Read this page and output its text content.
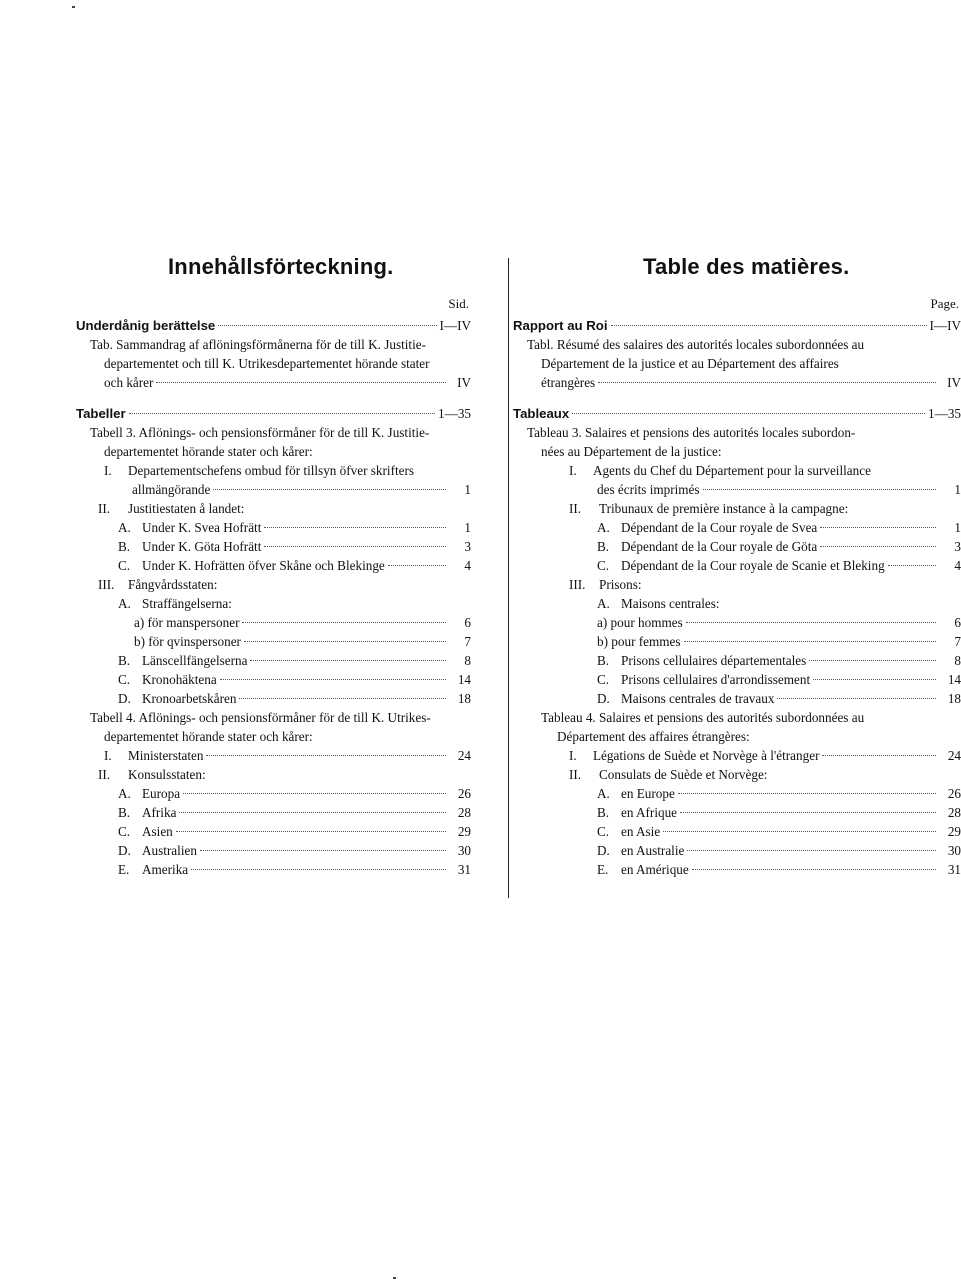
Innehållsförteckning.
Sid.
Underdånig berättelse	I—IV
Tab. Sammandrag af aflöningsförmånerna för de till K. Justitie-
departementet och till K. Utrikesdepartementet hörande stater
och kårer	IV
Tabeller	1—35
Tabell 3. Aflönings- och pensionsförmåner för de till K. Justitie-
departementet hörande stater och kårer:
I.	Departementschefens ombud för tillsyn öfver skrifters
allmängörande	1
II.	Justitiestaten å landet:
A. Under K. Svea Hofrätt	1
B. Under K. Göta Hofrätt	3
C. Under K. Hofrätten öfver Skåne och Blekinge	4
III.	Fångvårdsstaten:
A. Straffängelserna:
a) för manspersoner	6
b) för qvinspersoner	7
B. Länscellfängelserna	8
C. Kronohäktena	14
D. Kronoarbetskåren	18
Tabell 4. Aflönings- och pensionsförmåner för de till K. Utrikes-
departementet hörande stater och kårer:
I.	Ministerstaten	24
II.	Konsulsstaten:
A. Europa	26
B. Afrika	28
C. Asien	29
D. Australien	30
E. Amerika	31
Table des matières.
Page.
Rapport au Roi	I—IV
Tabl. Résumé des salaires des autorités locales subordonnées au
Département de la justice et au Département des affaires
étrangères	IV
Tableaux	1—35
Tableau 3. Salaires et pensions des autorités locales subordon-
nées au Département de la justice:
I.	Agents du Chef du Département pour la surveillance
des écrits imprimés	1
II.	Tribunaux de première instance à la campagne:
A. Dépendant de la Cour royale de Svea	1
B. Dépendant de la Cour royale de Göta	3
C. Dépendant de la Cour royale de Scanie et Bleking	4
III.	Prisons:
A. Maisons centrales:
a) pour hommes	6
b) pour femmes	7
B. Prisons cellulaires départementales	8
C. Prisons cellulaires d'arrondissement	14
D. Maisons centrales de travaux	18
Tableau 4. Salaires et pensions des autorités subordonnées au
Département des affaires étrangères:
I.	Légations de Suède et Norvège à l'étranger	24
II.	Consulats de Suède et Norvège:
A. en Europe	26
B. en Afrique	28
C. en Asie	29
D. en Australie	30
E. en Amérique	31
